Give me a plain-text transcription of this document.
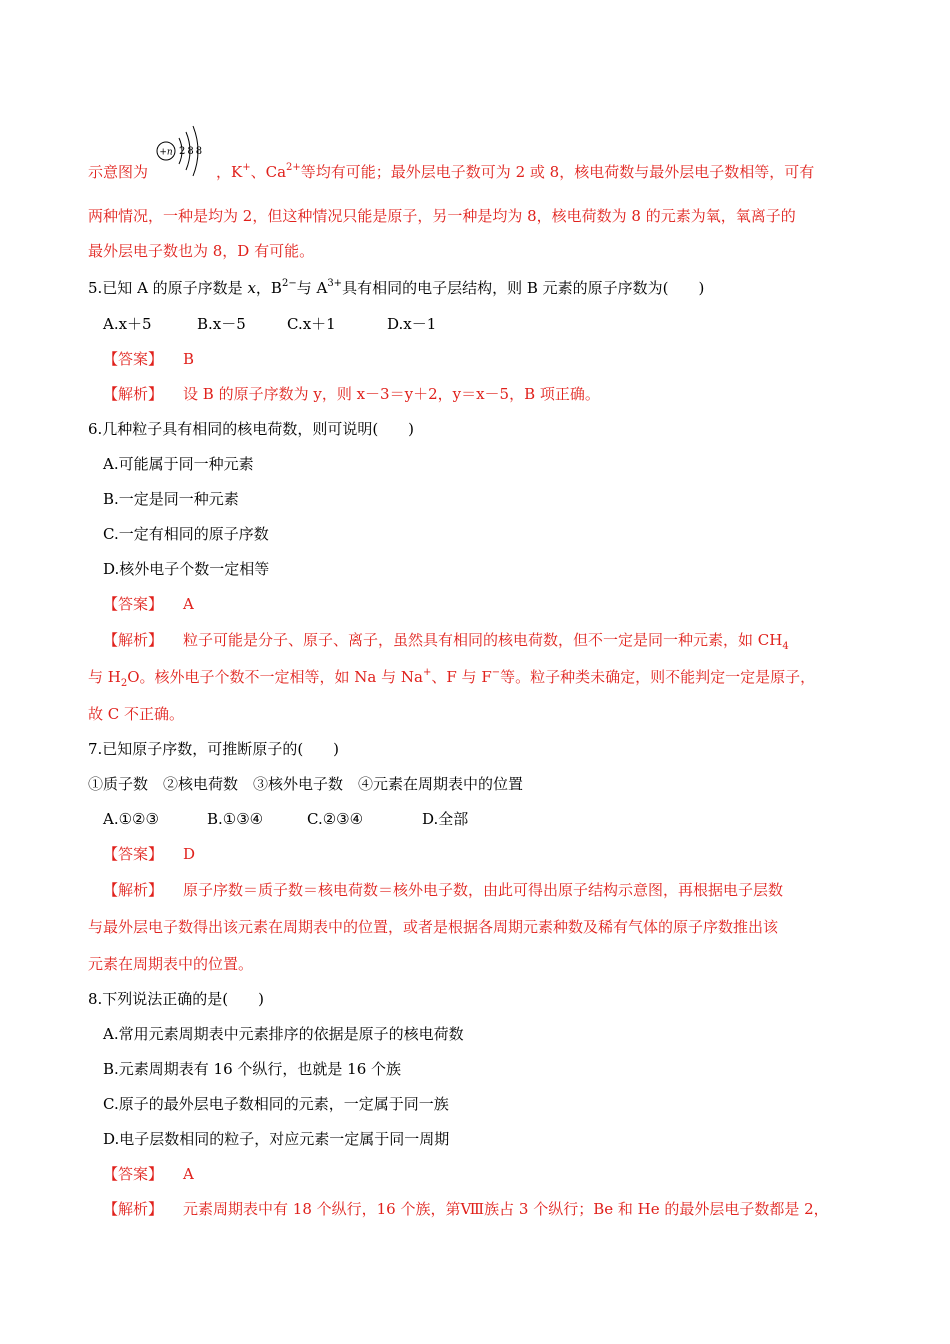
+n 288
示意图为	，K+、$Ca^{2+}$等均有可能；最外层电子数可为 2 或 8，核电荷数与最外层电子数相等，可有
两种情况，一种是均为 2，但这种情况只能是原子，另一种是均为 8，核电荷数为 8 的元素为氧，氧离子的
最外层电子数也为 8，D 有可能。
5.已知 A 的原子序数是 x，$B^{2-}$与 $A^{3+}$具有相同的电子层结构，则 B 元素的原子序数为(　　)
A.x＋5	B.x－5	C.x＋1	D.x－1
【答案】 B
【解析】 设 B 的原子序数为 y，则 x－3＝y＋2，y＝x－5，B 项正确。
6.几种粒子具有相同的核电荷数，则可说明(　　)
A.可能属于同一种元素
B.一定是同一种元素
C.一定有相同的原子序数
D.核外电子个数一定相等
【答案】 A
【解析】 粒子可能是分子、原子、离子，虽然具有相同的核电荷数，但不一定是同一种元素，如 $CH_4$
与 $H_2O$。核外电子个数不一定相等，如 Na 与 Na+、F 与 F−等。粒子种类未确定，则不能判定一定是原子，
故 C 不正确。
7.已知原子序数，可推断原子的(　　)
①质子数　②核电荷数　③核外电子数　④元素在周期表中的位置
A.①②③	B.①③④	C.②③④	D.全部
【答案】 D
【解析】 原子序数＝质子数＝核电荷数＝核外电子数，由此可得出原子结构示意图，再根据电子层数
与最外层电子数得出该元素在周期表中的位置，或者是根据各周期元素种数及稀有气体的原子序数推出该
元素在周期表中的位置。
8.下列说法正确的是(　　)
A.常用元素周期表中元素排序的依据是原子的核电荷数
B.元素周期表有 16 个纵行，也就是 16 个族
C.原子的最外层电子数相同的元素，一定属于同一族
D.电子层数相同的粒子，对应元素一定属于同一周期
【答案】 A
【解析】 元素周期表中有 18 个纵行，16 个族，第Ⅷ族占 3 个纵行；Be 和 He 的最外层电子数都是 2，
